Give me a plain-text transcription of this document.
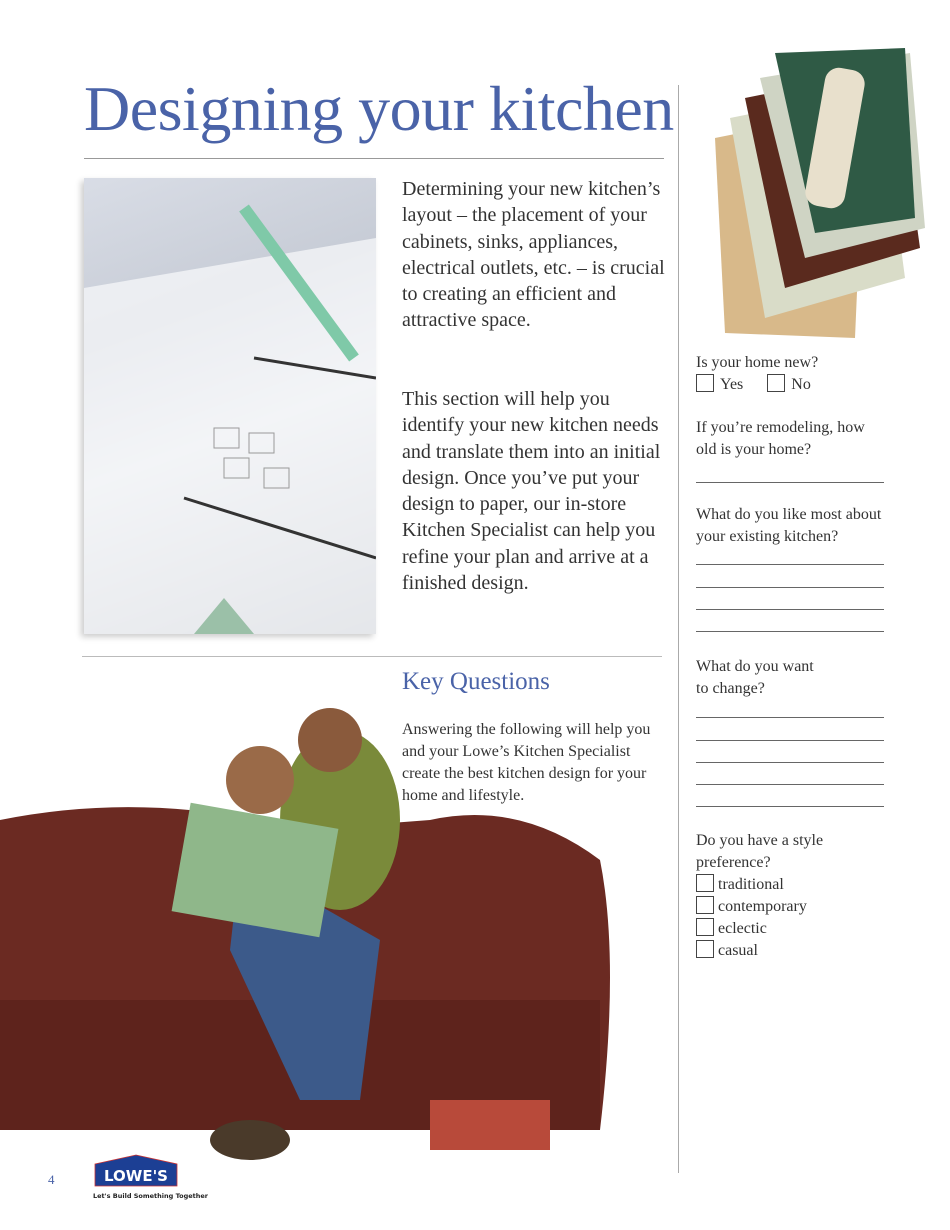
Designing your kitchen
Determining your new kitchen’s layout – the placement of your cabinets, sinks, appliances, electrical outlets, etc. – is crucial to creating an efficient and attractive space.
This section will help you identify your new kitchen needs and translate them into an initial design. Once you’ve put your design to paper, our in-store Kitchen Specialist can help you refine your plan and arrive at a finished design.
Key Questions
Answering the following will help you and your Lowe’s Kitchen Specialist create the best kitchen design for your home and lifestyle.
Is your home new?
Yes	No
If you’re remodeling, how old is your home?
What do you like most about your existing kitchen?
What do you want to change?
Do you have a style preference?
traditional
contemporary
eclectic
casual
4	LOWE'S
Let's Build Something Together
